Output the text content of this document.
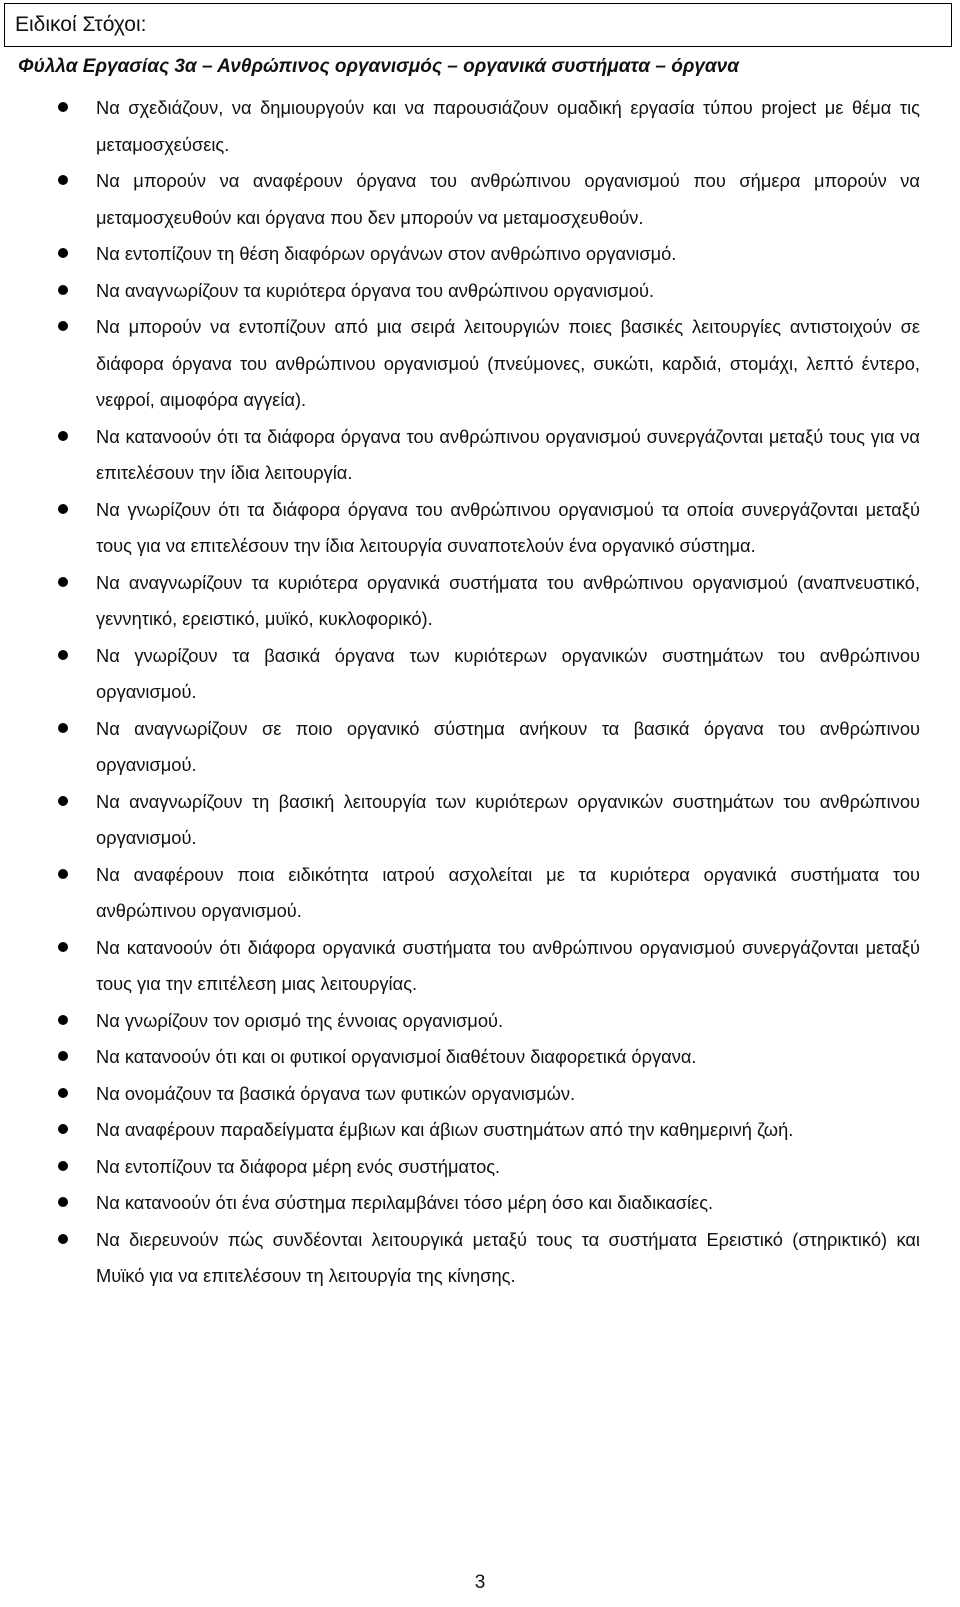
Ειδικοί Στόχοι:
Φύλλα Εργασίας 3α – Ανθρώπινος οργανισμός – οργανικά συστήματα – όργανα
Να σχεδιάζουν, να δημιουργούν και να παρουσιάζουν ομαδική εργασία τύπου project με θέμα τις μεταμοσχεύσεις.
Να μπορούν να αναφέρουν όργανα του ανθρώπινου οργανισμού που σήμερα μπορούν να μεταμοσχευθούν και όργανα που δεν μπορούν να μεταμοσχευθούν.
Να εντοπίζουν τη θέση διαφόρων οργάνων στον ανθρώπινο οργανισμό.
Να αναγνωρίζουν τα κυριότερα όργανα του ανθρώπινου οργανισμού.
Να μπορούν να εντοπίζουν από μια σειρά λειτουργιών ποιες βασικές λειτουργίες αντιστοιχούν σε διάφορα όργανα του ανθρώπινου οργανισμού (πνεύμονες, συκώτι, καρδιά, στομάχι, λεπτό έντερο, νεφροί, αιμοφόρα αγγεία).
Να κατανοούν ότι τα διάφορα όργανα του ανθρώπινου οργανισμού συνεργάζονται μεταξύ τους για να επιτελέσουν την ίδια λειτουργία.
Να γνωρίζουν ότι τα διάφορα όργανα του ανθρώπινου οργανισμού τα οποία συνεργάζονται μεταξύ τους για να επιτελέσουν την ίδια λειτουργία συναποτελούν ένα οργανικό σύστημα.
Να αναγνωρίζουν τα κυριότερα οργανικά συστήματα του ανθρώπινου οργανισμού (αναπνευστικό, γεννητικό, ερειστικό, μυϊκό, κυκλοφορικό).
Να γνωρίζουν τα βασικά όργανα των κυριότερων οργανικών συστημάτων του ανθρώπινου οργανισμού.
Να αναγνωρίζουν σε ποιο οργανικό σύστημα ανήκουν τα βασικά όργανα του ανθρώπινου οργανισμού.
Να αναγνωρίζουν τη βασική λειτουργία των κυριότερων οργανικών συστημάτων του ανθρώπινου οργανισμού.
Να αναφέρουν ποια ειδικότητα ιατρού ασχολείται με τα κυριότερα οργανικά συστήματα του ανθρώπινου οργανισμού.
Να κατανοούν ότι διάφορα οργανικά συστήματα του ανθρώπινου οργανισμού συνεργάζονται μεταξύ τους για την επιτέλεση μιας λειτουργίας.
Να γνωρίζουν τον ορισμό της έννοιας οργανισμού.
Να κατανοούν ότι και οι φυτικοί οργανισμοί διαθέτουν διαφορετικά όργανα.
Να ονομάζουν τα βασικά όργανα των φυτικών οργανισμών.
Να αναφέρουν παραδείγματα έμβιων και άβιων συστημάτων από την καθημερινή ζωή.
Να εντοπίζουν τα διάφορα μέρη ενός συστήματος.
Να κατανοούν ότι ένα σύστημα περιλαμβάνει τόσο μέρη όσο και διαδικασίες.
Να διερευνούν πώς συνδέονται λειτουργικά μεταξύ τους τα συστήματα Ερειστικό (στηρικτικό) και Μυϊκό για να επιτελέσουν τη λειτουργία της κίνησης.
3
